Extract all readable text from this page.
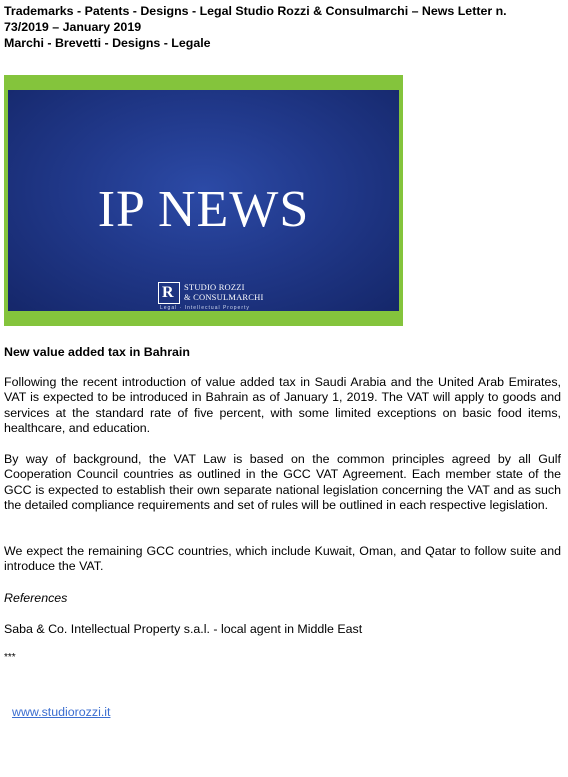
Trademarks - Patents - Designs - Legal Studio Rozzi & Consulmarchi – News Letter n.
73/2019 – January 2019
Marchi - Brevetti - Designs - Legale
IP NEWS
R STUDIO ROZZI
& CONSULMARCHI
Legal · Intellectual Property
New value added tax in Bahrain
Following the recent introduction of value added tax in Saudi Arabia and the United Arab Emirates, VAT is expected to be introduced in Bahrain as of January 1, 2019. The VAT will apply to goods and services at the standard rate of five percent, with some limited exceptions on basic food items, healthcare, and education.
By way of background, the VAT Law is based on the common principles agreed by all Gulf Cooperation Council countries as outlined in the GCC VAT Agreement. Each member state of the GCC is expected to establish their own separate national legislation concerning the VAT and as such the detailed compliance requirements and set of rules will be outlined in each respective legislation.
We expect the remaining GCC countries, which include Kuwait, Oman, and Qatar to follow suite and introduce the VAT.
References
Saba & Co. Intellectual Property s.a.l. - local agent in Middle East
***
www.studiorozzi.it
